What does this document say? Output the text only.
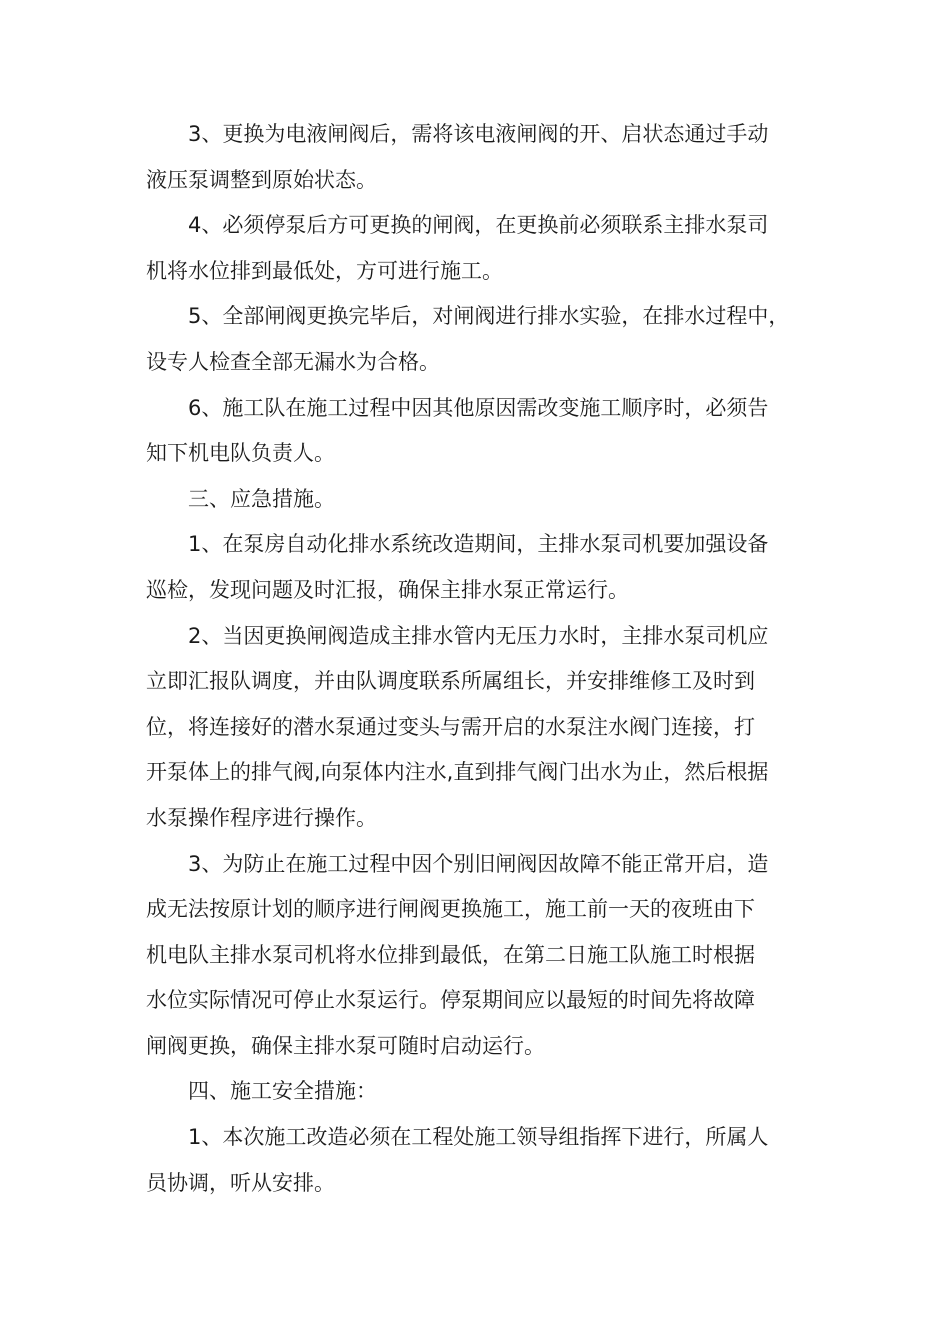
3、更换为电液闸阀后，需将该电液闸阀的开、启状态通过手动
液压泵调整到原始状态。
4、必须停泵后方可更换的闸阀，在更换前必须联系主排水泵司
机将水位排到最低处，方可进行施工。
5、全部闸阀更换完毕后，对闸阀进行排水实验，在排水过程中，
设专人检查全部无漏水为合格。
6、施工队在施工过程中因其他原因需改变施工顺序时，必须告
知下机电队负责人。
三、应急措施。
1、在泵房自动化排水系统改造期间，主排水泵司机要加强设备
巡检，发现问题及时汇报，确保主排水泵正常运行。
2、当因更换闸阀造成主排水管内无压力水时，主排水泵司机应
立即汇报队调度，并由队调度联系所属组长，并安排维修工及时到
位，将连接好的潜水泵通过变头与需开启的水泵注水阀门连接，打
开泵体上的排气阀,向泵体内注水,直到排气阀门出水为止，然后根据
水泵操作程序进行操作。
3、为防止在施工过程中因个别旧闸阀因故障不能正常开启，造
成无法按原计划的顺序进行闸阀更换施工，施工前一天的夜班由下
机电队主排水泵司机将水位排到最低，在第二日施工队施工时根据
水位实际情况可停止水泵运行。停泵期间应以最短的时间先将故障
闸阀更换，确保主排水泵可随时启动运行。
四、施工安全措施：
1、本次施工改造必须在工程处施工领导组指挥下进行，所属人
员协调，听从安排。
